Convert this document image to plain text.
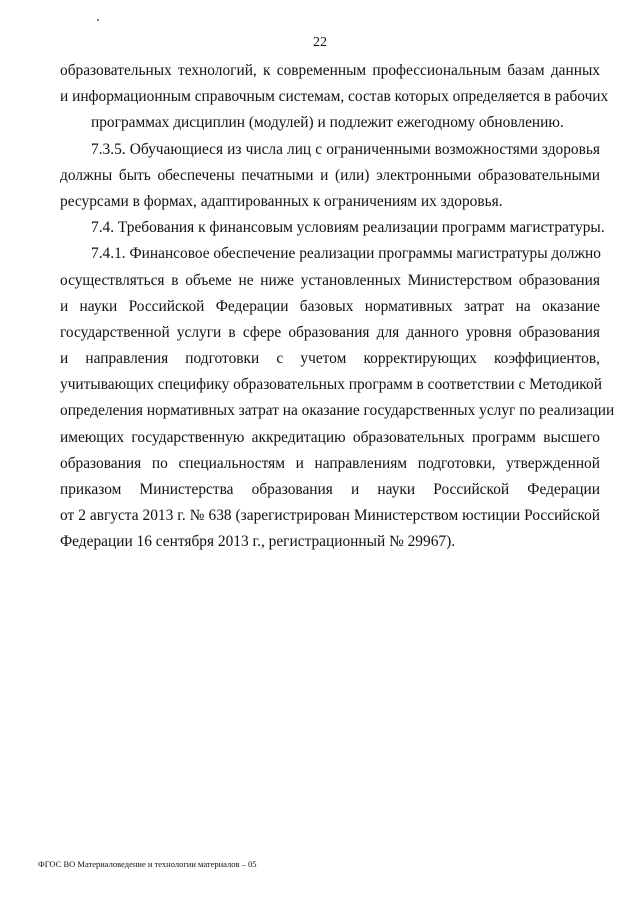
22
образовательных технологий, к современным профессиональным базам данных
и информационным справочным системам, состав которых определяется в рабочих
программах дисциплин (модулей) и подлежит ежегодному обновлению.
7.3.5. Обучающиеся из числа лиц с ограниченными возможностями здоровья
должны быть обеспечены печатными и (или) электронными образовательными
ресурсами в формах, адаптированных к ограничениям их здоровья.
7.4. Требования к финансовым условиям реализации программ магистратуры.
7.4.1. Финансовое обеспечение реализации программы магистратуры должно
осуществляться в объеме не ниже установленных Министерством образования
и науки Российской Федерации базовых нормативных затрат на оказание
государственной услуги в сфере образования для данного уровня образования
и направления подготовки с учетом корректирующих коэффициентов,
учитывающих специфику образовательных программ в соответствии с Методикой
определения нормативных затрат на оказание государственных услуг по реализации
имеющих государственную аккредитацию образовательных программ высшего
образования по специальностям и направлениям подготовки, утвержденной
приказом Министерства образования и науки Российской Федерации
от 2 августа 2013 г. № 638 (зарегистрирован Министерством юстиции Российской
Федерации 16 сентября 2013 г., регистрационный № 29967).
ФГОС ВО Материаловедение и технологии материалов – 05
